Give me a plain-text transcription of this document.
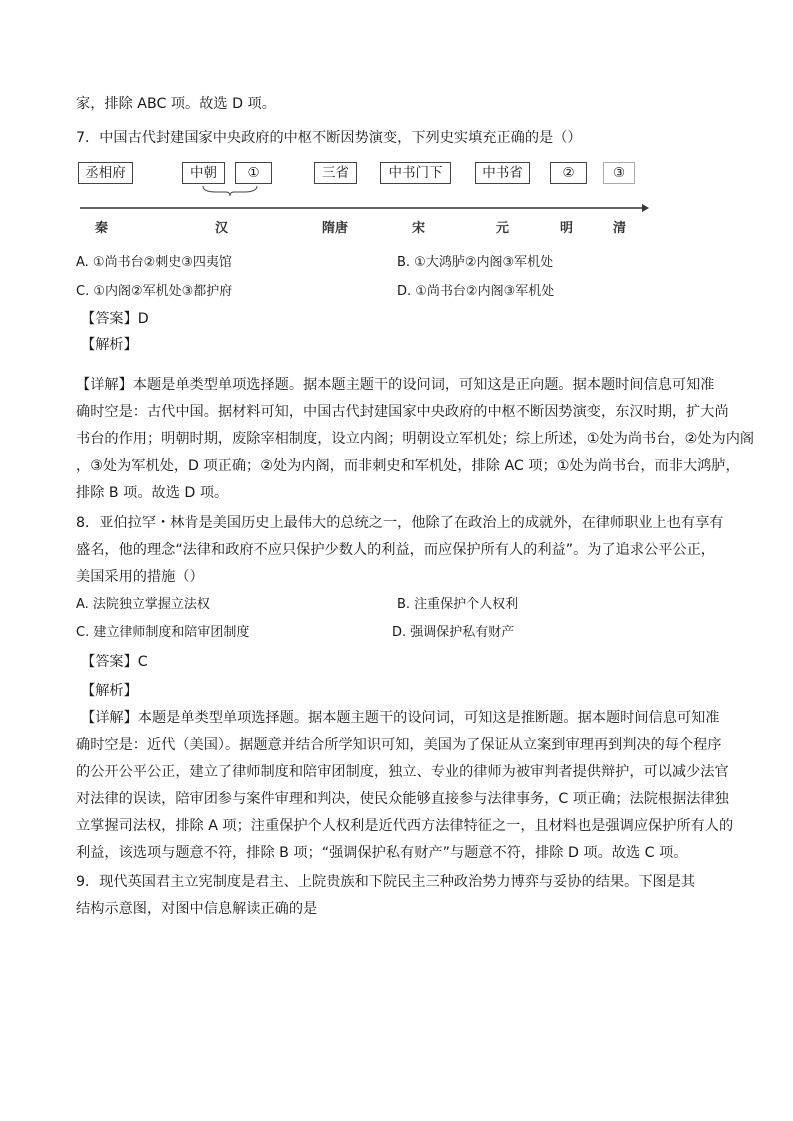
家，排除 ABC 项。故选 D 项。
7．中国古代封建国家中央政府的中枢不断因势演变，下列史实填充正确的是（）
丞相府	中朝	①	三省	中书门下	中书省	②	③
秦	汉	隋唐	宋	元	明	清
A. ①尚书台②刺史③四夷馆	B. ①大鸿胪②内阁③军机处
C. ①内阁②军机处③都护府	D. ①尚书台②内阁③军机处
【答案】D
【解析】
【详解】本题是单类型单项选择题。据本题主题干的设问词，可知这是正向题。据本题时间信息可知准
确时空是：古代中国。据材料可知，中国古代封建国家中央政府的中枢不断因势演变，东汉时期，扩大尚
书台的作用；明朝时期，废除宰相制度，设立内阁；明朝设立军机处；综上所述，①处为尚书台，②处为内阁
，③处为军机处，D 项正确；②处为内阁，而非刺史和军机处，排除 AC 项；①处为尚书台，而非大鸿胪，
排除 B 项。故选 D 项。
8．亚伯拉罕・林肯是美国历史上最伟大的总统之一，他除了在政治上的成就外，在律师职业上也有享有
盛名，他的理念“法律和政府不应只保护少数人的利益，而应保护所有人的利益”。为了追求公平公正，
美国采用的措施（）
A. 法院独立掌握立法权	B. 注重保护个人权利
C. 建立律师制度和陪审团制度	D. 强调保护私有财产
【答案】C
【解析】
【详解】本题是单类型单项选择题。据本题主题干的设问词，可知这是推断题。据本题时间信息可知准
确时空是：近代（美国）。据题意并结合所学知识可知，美国为了保证从立案到审理再到判决的每个程序
的公开公平公正，建立了律师制度和陪审团制度，独立、专业的律师为被审判者提供辩护，可以减少法官
对法律的误读，陪审团参与案件审理和判决，使民众能够直接参与法律事务，C 项正确；法院根据法律独
立掌握司法权，排除 A 项；注重保护个人权利是近代西方法律特征之一，且材料也是强调应保护所有人的
利益，该选项与题意不符，排除 B 项；“强调保护私有财产”与题意不符，排除 D 项。故选 C 项。
9．现代英国君主立宪制度是君主、上院贵族和下院民主三种政治势力博弈与妥协的结果。下图是其
结构示意图，对图中信息解读正确的是
